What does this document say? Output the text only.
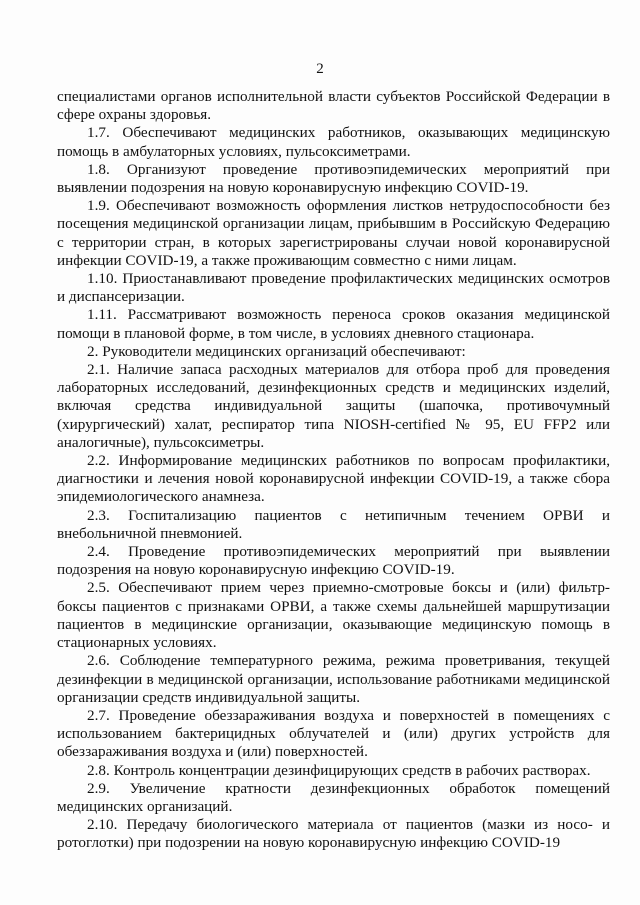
2

специалистами органов исполнительной власти субъектов Российской Федерации в сфере охраны здоровья.

1.7. Обеспечивают медицинских работников, оказывающих медицинскую помощь в амбулаторных условиях, пульсоксиметрами.

1.8. Организуют проведение противоэпидемических мероприятий при выявлении подозрения на новую коронавирусную инфекцию COVID-19.

1.9. Обеспечивают возможность оформления листков нетрудоспособности без посещения медицинской организации лицам, прибывшим в Российскую Федерацию с территории стран, в которых зарегистрированы случаи новой коронавирусной инфекции COVID-19, а также проживающим совместно с ними лицам.

1.10. Приостанавливают проведение профилактических медицинских осмотров и диспансеризации.

1.11. Рассматривают возможность переноса сроков оказания медицинской помощи в плановой форме, в том числе, в условиях дневного стационара.

2. Руководители медицинских организаций обеспечивают:

2.1. Наличие запаса расходных материалов для отбора проб для проведения лабораторных исследований, дезинфекционных средств и медицинских изделий, включая средства индивидуальной защиты (шапочка, противочумный (хирургический) халат, респиратор типа NIOSH-certified № 95, EU FFP2 или аналогичные), пульсоксиметры.

2.2. Информирование медицинских работников по вопросам профилактики, диагностики и лечения новой коронавирусной инфекции COVID-19, а также сбора эпидемиологического анамнеза.

2.3. Госпитализацию пациентов с нетипичным течением ОРВИ и внебольничной пневмонией.

2.4. Проведение противоэпидемических мероприятий при выявлении подозрения на новую коронавирусную инфекцию COVID-19.

2.5. Обеспечивают прием через приемно-смотровые боксы и (или) фильтр-боксы пациентов с признаками ОРВИ, а также схемы дальнейшей маршрутизации пациентов в медицинские организации, оказывающие медицинскую помощь в стационарных условиях.

2.6. Соблюдение температурного режима, режима проветривания, текущей дезинфекции в медицинской организации, использование работниками медицинской организации средств индивидуальной защиты.

2.7. Проведение обеззараживания воздуха и поверхностей в помещениях с использованием бактерицидных облучателей и (или) других устройств для обеззараживания воздуха и (или) поверхностей.

2.8. Контроль концентрации дезинфицирующих средств в рабочих растворах.

2.9. Увеличение кратности дезинфекционных обработок помещений медицинских организаций.

2.10. Передачу биологического материала от пациентов (мазки из носо- и ротоглотки) при подозрении на новую коронавирусную инфекцию COVID-19
